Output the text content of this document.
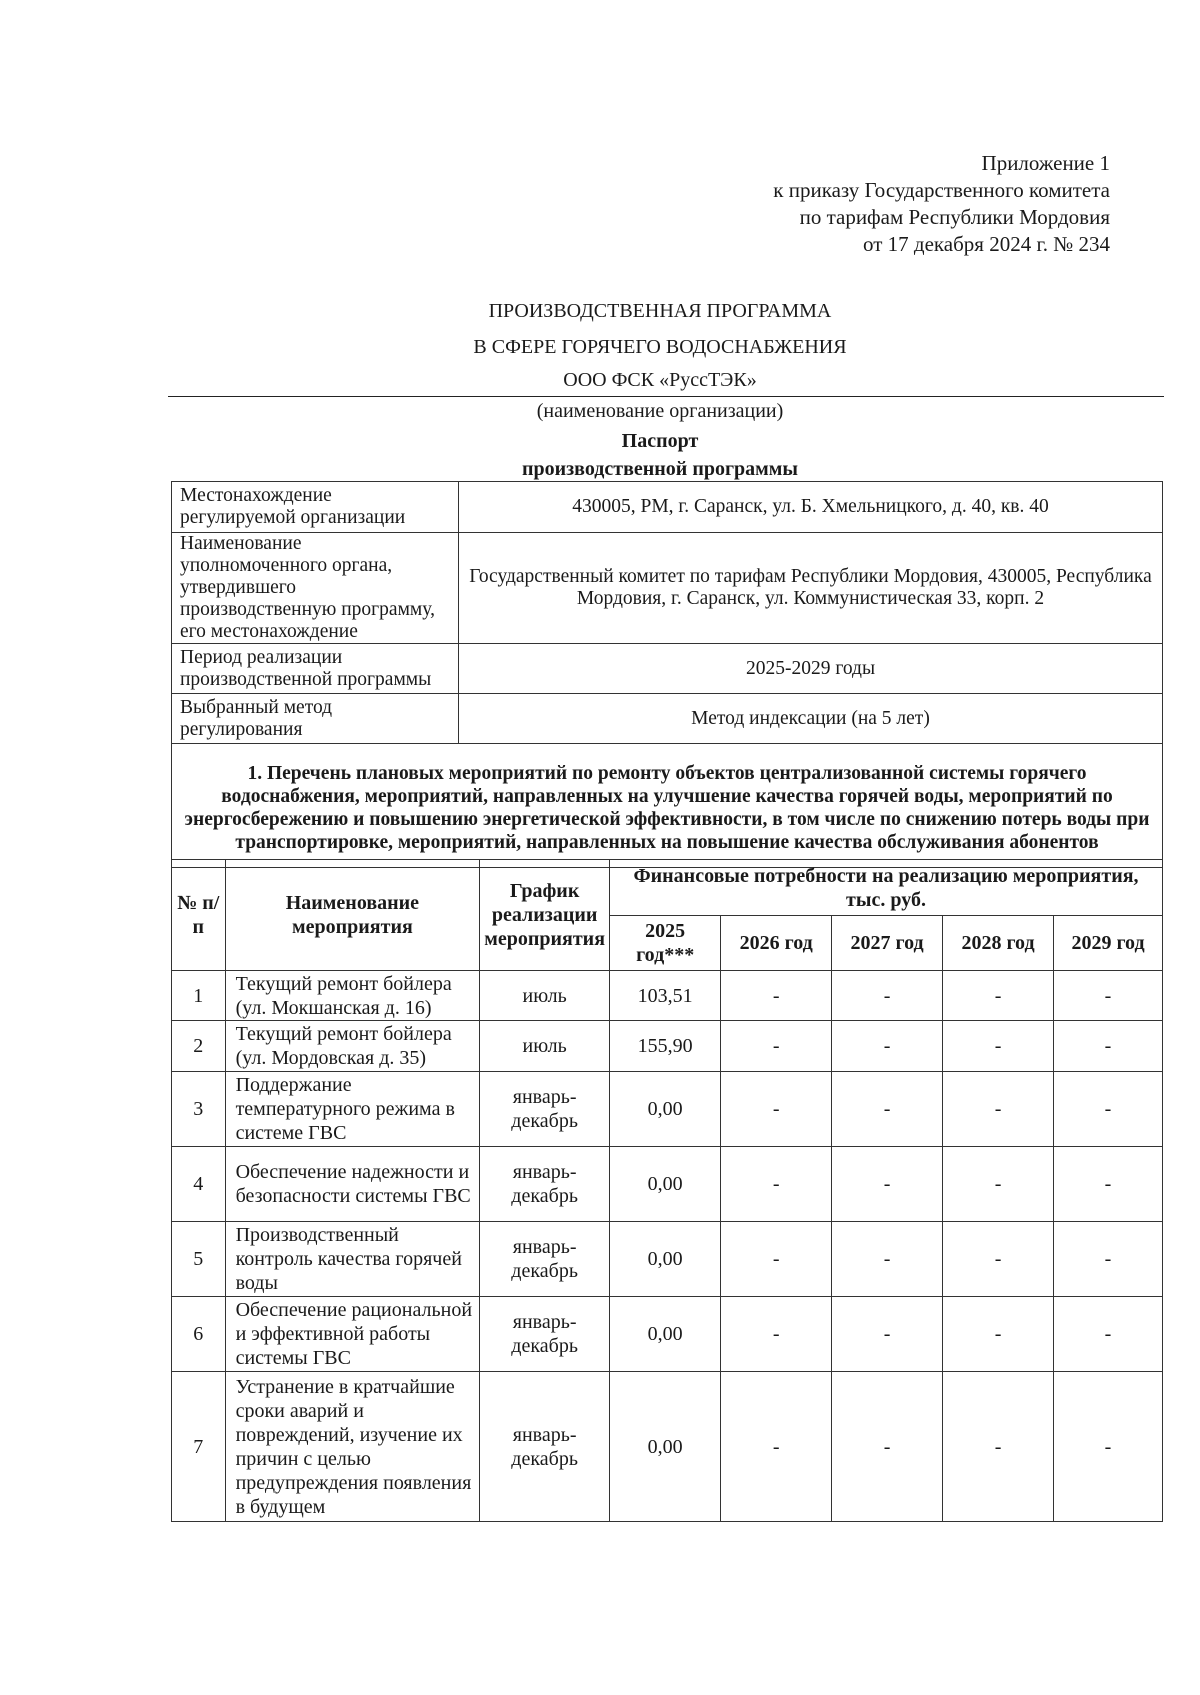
Приложение 1
к приказу Государственного комитета
по тарифам Республики Мордовия
от 17 декабря 2024 г. № 234
ПРОИЗВОДСТВЕННАЯ ПРОГРАММА
В СФЕРЕ ГОРЯЧЕГО ВОДОСНАБЖЕНИЯ
ООО ФСК «РуссТЭК»
(наименование организации)
Паспорт
производственной программы
Местонахождение регулируемой организации	430005, РМ, г. Саранск, ул. Б. Хмельницкого, д. 40, кв. 40
Наименование уполномоченного органа, утвердившего производственную программу, его местонахождение	Государственный комитет по тарифам Республики Мордовия, 430005, Республика Мордовия, г. Саранск, ул. Коммунистическая 33, корп. 2
Период реализации производственной программы	2025-2029 годы
Выбранный метод регулирования	Метод индексации (на 5 лет)
1. Перечень плановых мероприятий по ремонту объектов централизованной системы горячего водоснабжения, мероприятий, направленных на улучшение качества горячей воды, мероприятий по энергосбережению и повышению энергетической эффективности, в том числе по снижению потерь воды при транспортировке, мероприятий, направленных на повышение качества обслуживания абонентов	
№ п/п	Наименование мероприятия	График реализации мероприятия	Финансовые потребности на реализацию мероприятия, тыс. руб.				
			2025 год***	2026 год	2027 год	2028 год	2029 год
1	Текущий ремонт бойлера (ул. Мокшанская д. 16)	июль	103,51	-	-	-	-
2	Текущий ремонт бойлера (ул. Мордовская д. 35)	июль	155,90	-	-	-	-
3	Поддержание температурного режима в системе ГВС	январь-декабрь	0,00	-	-	-	-
4	Обеспечение надежности и безопасности системы ГВС	январь-декабрь	0,00	-	-	-	-
5	Производственный контроль качества горячей воды	январь-декабрь	0,00	-	-	-	-
6	Обеспечение рациональной и эффективной работы системы ГВС	январь-декабрь	0,00	-	-	-	-
7	Устранение в кратчайшие сроки аварий и повреждений, изучение их причин с целью предупреждения появления в будущем	январь-декабрь	0,00	-	-	-	-
